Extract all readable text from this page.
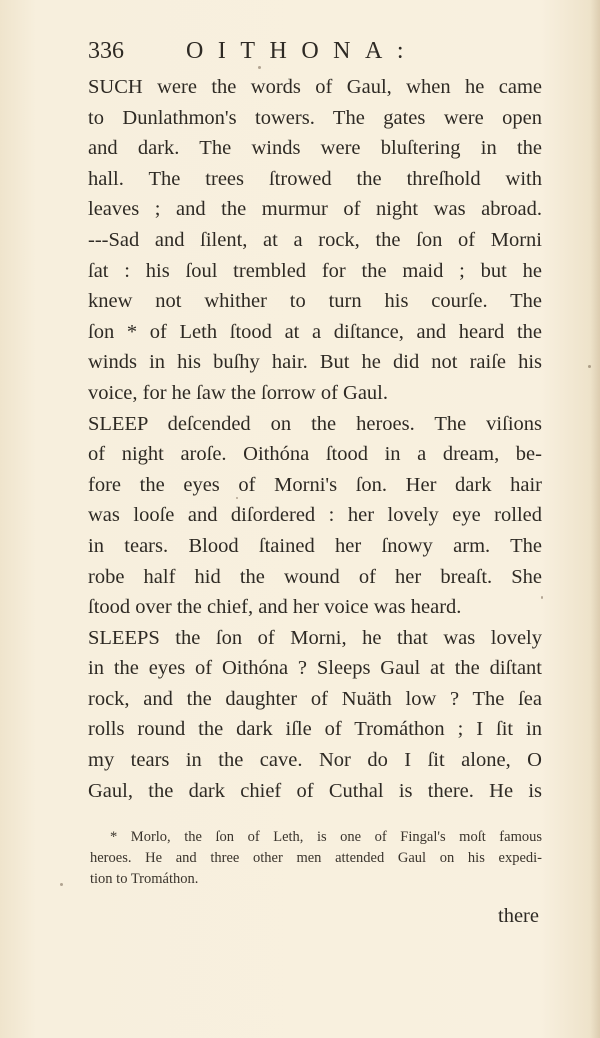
336	OITHONA:
SUCH were the words of Gaul, when he came
to Dunlathmon's towers. The gates were open
and dark. The winds were bluſtering in the
hall. The trees ſtrowed the threſhold with
leaves ; and the murmur of night was abroad.
---Sad and ſilent, at a rock, the ſon of Morni
ſat : his ſoul trembled for the maid ; but he
knew not whither to turn his courſe. The
ſon * of Leth ſtood at a diſtance, and heard the
winds in his buſhy hair. But he did not raiſe his
voice, for he ſaw the ſorrow of Gaul.
SLEEP deſcended on the heroes. The viſions
of night aroſe. Oithóna ſtood in a dream, be-
fore the eyes of Morni's ſon. Her dark hair
was looſe and diſordered : her lovely eye rolled
in tears. Blood ſtained her ſnowy arm. The
robe half hid the wound of her breaſt. She
ſtood over the chief, and her voice was heard.
SLEEPS the ſon of Morni, he that was lovely
in the eyes of Oithóna ? Sleeps Gaul at the diſtant
rock, and the daughter of Nuäth low ? The ſea
rolls round the dark iſle of Tromáthon ; I ſit in
my tears in the cave. Nor do I ſit alone, O
Gaul, the dark chief of Cuthal is there. He is
* Morlo, the ſon of Leth, is one of Fingal's moſt famous
heroes. He and three other men attended Gaul on his expedi-
tion to Tromáthon.
there
